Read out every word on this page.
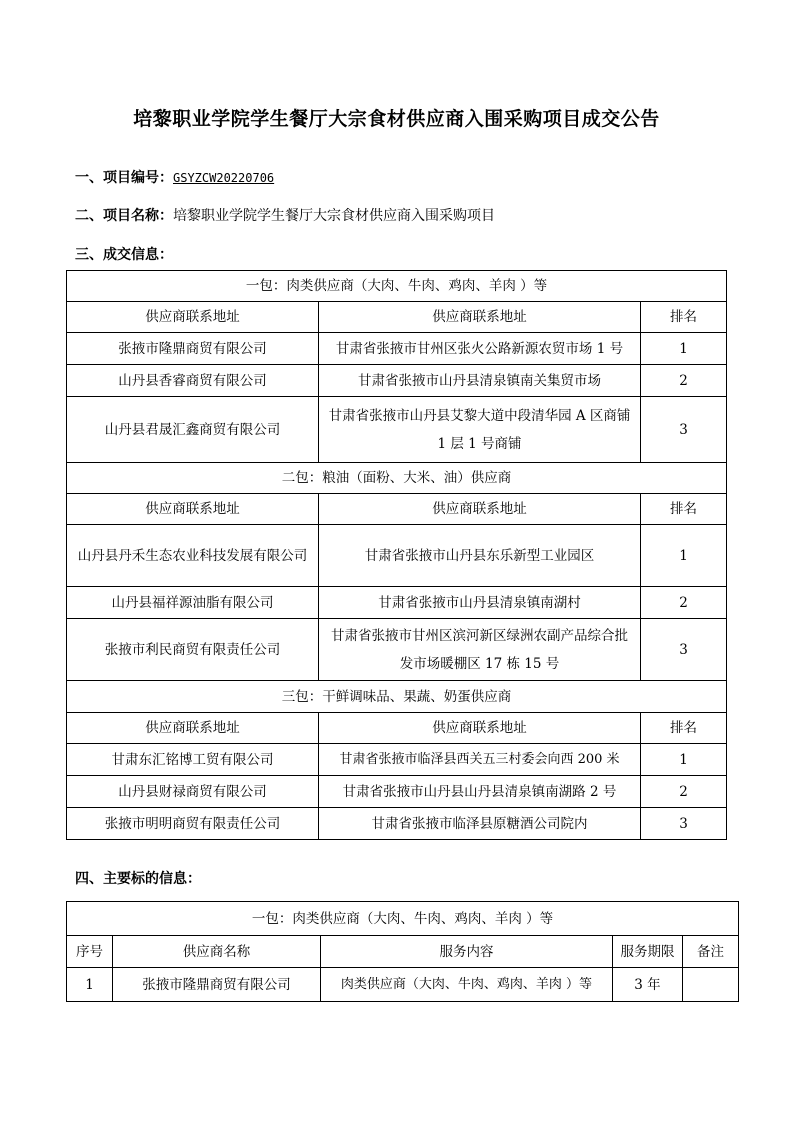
培黎职业学院学生餐厅大宗食材供应商入围采购项目成交公告
一、项目编号：GSYZCW20220706
二、项目名称：培黎职业学院学生餐厅大宗食材供应商入围采购项目
三、成交信息：
一包：肉类供应商（大肉、牛肉、鸡肉、羊肉 ）等		
供应商联系地址	供应商联系地址	排名
张掖市隆鼎商贸有限公司	甘肃省张掖市甘州区张火公路新源农贸市场 1 号	1
山丹县香睿商贸有限公司	甘肃省张掖市山丹县清泉镇南关集贸市场	2
山丹县君晟汇鑫商贸有限公司	甘肃省张掖市山丹县艾黎大道中段清华园 A 区商铺 1 层 1 号商铺	3
二包：粮油（面粉、大米、油）供应商		
供应商联系地址	供应商联系地址	排名
山丹县丹禾生态农业科技发展有限公司	甘肃省张掖市山丹县东乐新型工业园区	1
山丹县福祥源油脂有限公司	甘肃省张掖市山丹县清泉镇南湖村	2
张掖市利民商贸有限责任公司	甘肃省张掖市甘州区滨河新区绿洲农副产品综合批发市场暖棚区 17 栋 15 号	3
三包：干鲜调味品、果蔬、奶蛋供应商		
供应商联系地址	供应商联系地址	排名
甘肃东汇铭博工贸有限公司	甘肃省张掖市临泽县西关五三村委会向西 200 米	1
山丹县财禄商贸有限公司	甘肃省张掖市山丹县山丹县清泉镇南湖路 2 号	2
张掖市明明商贸有限责任公司	甘肃省张掖市临泽县原糖酒公司院内	3
四、主要标的信息：
一包：肉类供应商（大肉、牛肉、鸡肉、羊肉 ）等				
序号	供应商名称	服务内容	服务期限	备注
1	张掖市隆鼎商贸有限公司	肉类供应商（大肉、牛肉、鸡肉、羊肉 ）等	3 年	
